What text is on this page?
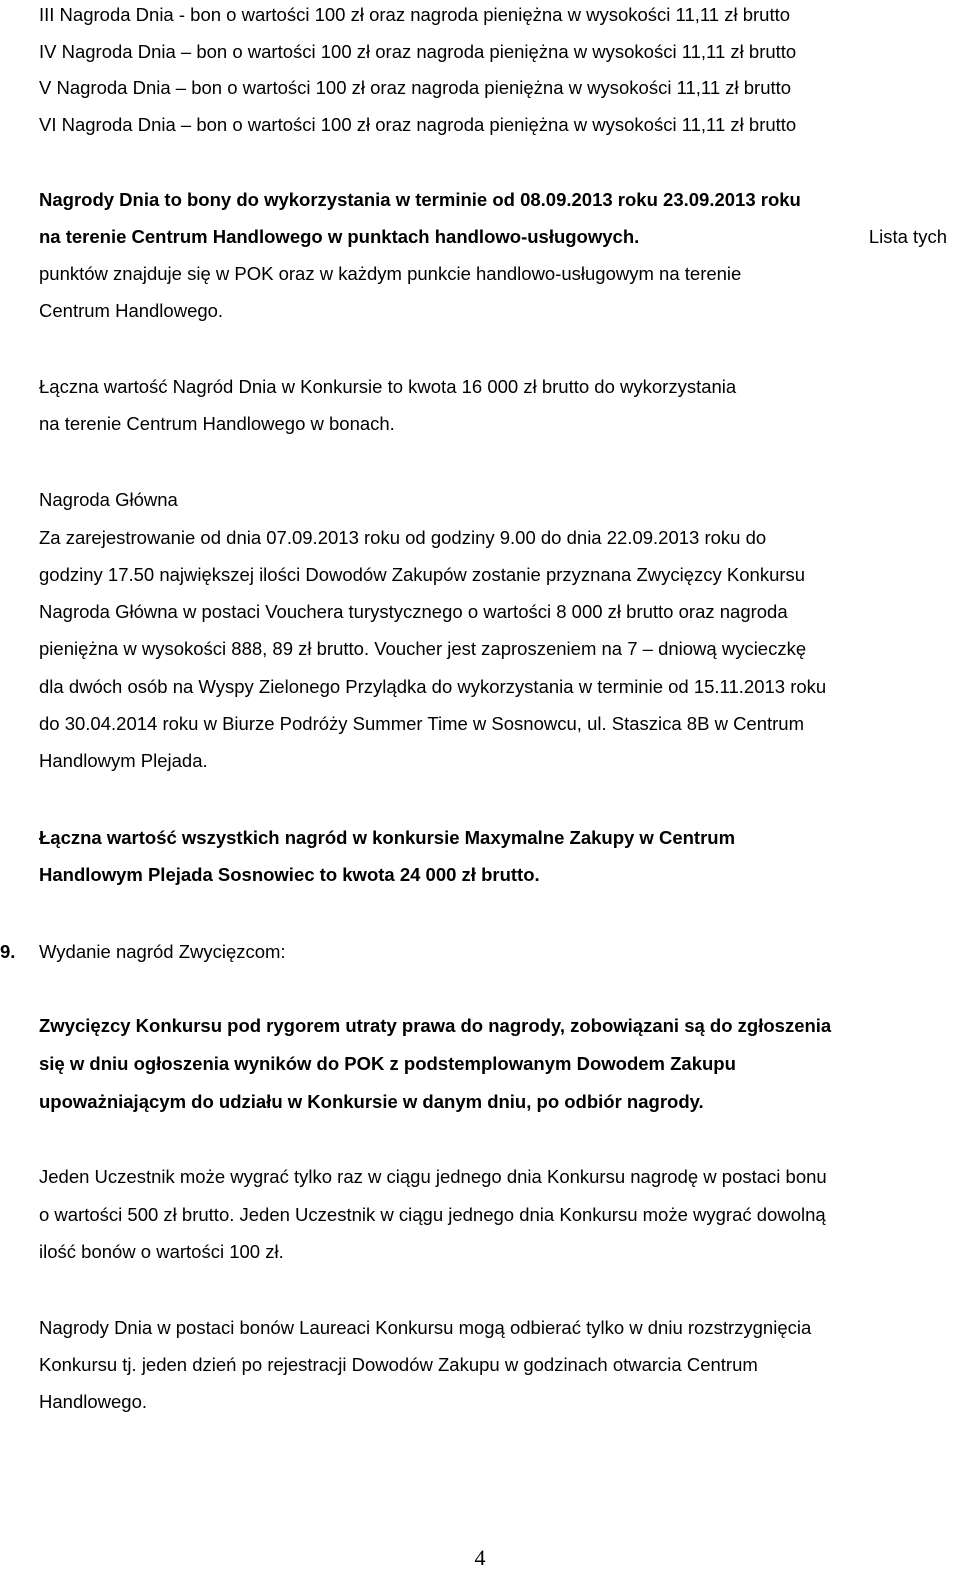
III Nagroda Dnia - bon o wartości 100 zł oraz nagroda pieniężna w wysokości 11,11 zł brutto
IV Nagroda Dnia – bon o wartości 100 zł oraz nagroda pieniężna w wysokości 11,11 zł brutto
V Nagroda Dnia – bon o wartości 100 zł oraz nagroda pieniężna w wysokości 11,11 zł brutto
VI Nagroda Dnia – bon o wartości 100 zł oraz nagroda pieniężna w wysokości 11,11 zł brutto
Nagrody Dnia to bony do wykorzystania w terminie od 08.09.2013 roku 23.09.2013 roku
na terenie Centrum Handlowego w punktach handlowo-usługowych.	Lista tych
punktów znajduje się w POK oraz w każdym punkcie handlowo-usługowym na terenie
Centrum Handlowego.
Łączna wartość Nagród Dnia w Konkursie to kwota 16 000 zł brutto do wykorzystania
na terenie Centrum Handlowego w bonach.
Nagroda Główna
Za zarejestrowanie od dnia 07.09.2013 roku od godziny 9.00 do dnia 22.09.2013 roku do
godziny 17.50 największej ilości Dowodów Zakupów zostanie przyznana Zwycięzcy Konkursu
Nagroda Główna w postaci Vouchera turystycznego o wartości 8 000 zł brutto oraz nagroda
pieniężna w wysokości 888, 89 zł brutto. Voucher jest zaproszeniem na 7 – dniową wycieczkę
dla dwóch osób na Wyspy Zielonego Przylądka do wykorzystania w terminie od 15.11.2013 roku
do 30.04.2014 roku w Biurze Podróży Summer Time w Sosnowcu, ul. Staszica 8B w Centrum
Handlowym Plejada.
Łączna wartość wszystkich nagród w konkursie Maxymalne Zakupy w Centrum
Handlowym Plejada Sosnowiec to kwota 24 000 zł brutto.
9. Wydanie nagród Zwycięzcom:
Zwycięzcy Konkursu pod rygorem utraty prawa do nagrody, zobowiązani są do zgłoszenia
się w dniu ogłoszenia wyników do POK z podstemplowanym Dowodem Zakupu
upoważniającym do udziału w Konkursie w danym dniu, po odbiór nagrody.
Jeden Uczestnik może wygrać tylko raz w ciągu jednego dnia Konkursu nagrodę w postaci bonu
o wartości 500 zł brutto. Jeden Uczestnik w ciągu jednego dnia Konkursu może wygrać dowolną
ilość bonów o wartości 100 zł.
Nagrody Dnia w postaci bonów Laureaci Konkursu mogą odbierać tylko w dniu rozstrzygnięcia
Konkursu tj. jeden dzień po rejestracji Dowodów Zakupu w godzinach otwarcia Centrum
Handlowego.
4
